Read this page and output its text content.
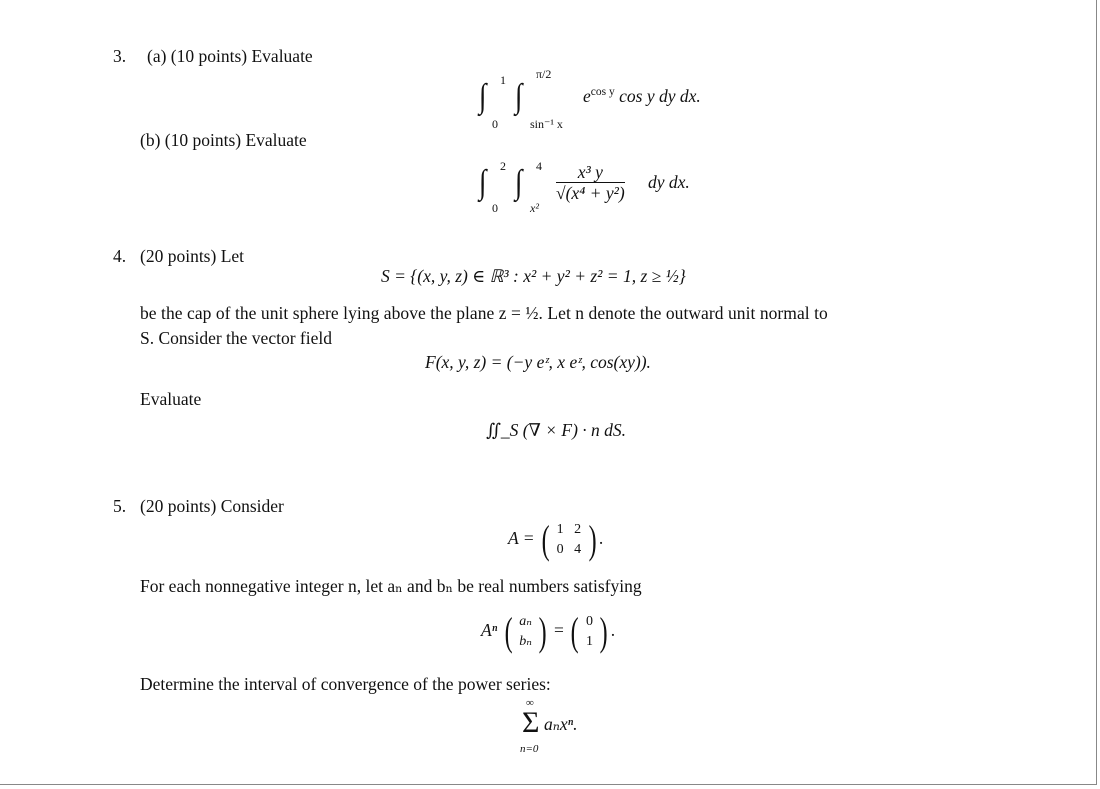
3. (a) (10 points) Evaluate
∫ 1
0
∫
π/2
sin⁻¹ x
$e^{cos y}$ cos y dy dx.
(b) (10 points) Evaluate
∫ 2
0
∫ 4
x²
$\frac{\text{x³ y}}{\text{√(x⁴ + y²)}}$ dy dx.
4. (20 points) Let
S = {(x, y, z) ∈ ℝ³ : x² + y² + z² = 1, z ≥ ½}
be the cap of the unit sphere lying above the plane z = ½. Let n denote the outward unit normal to
S. Consider the vector field
F(x, y, z) = (−y eᶻ, x eᶻ, cos(xy)).
Evaluate
∬_S (∇ × F) · n dS.
5. (20 points) Consider
A = ( 1 2
0 4 ) .
For each nonnegative integer n, let aₙ and bₙ be real numbers satisfying
Aⁿ ( aₙ
bₙ ) = ( 0
1 ) .
Determine the interval of convergence of the power series:
∞
Σ
n=0
aₙxⁿ.
